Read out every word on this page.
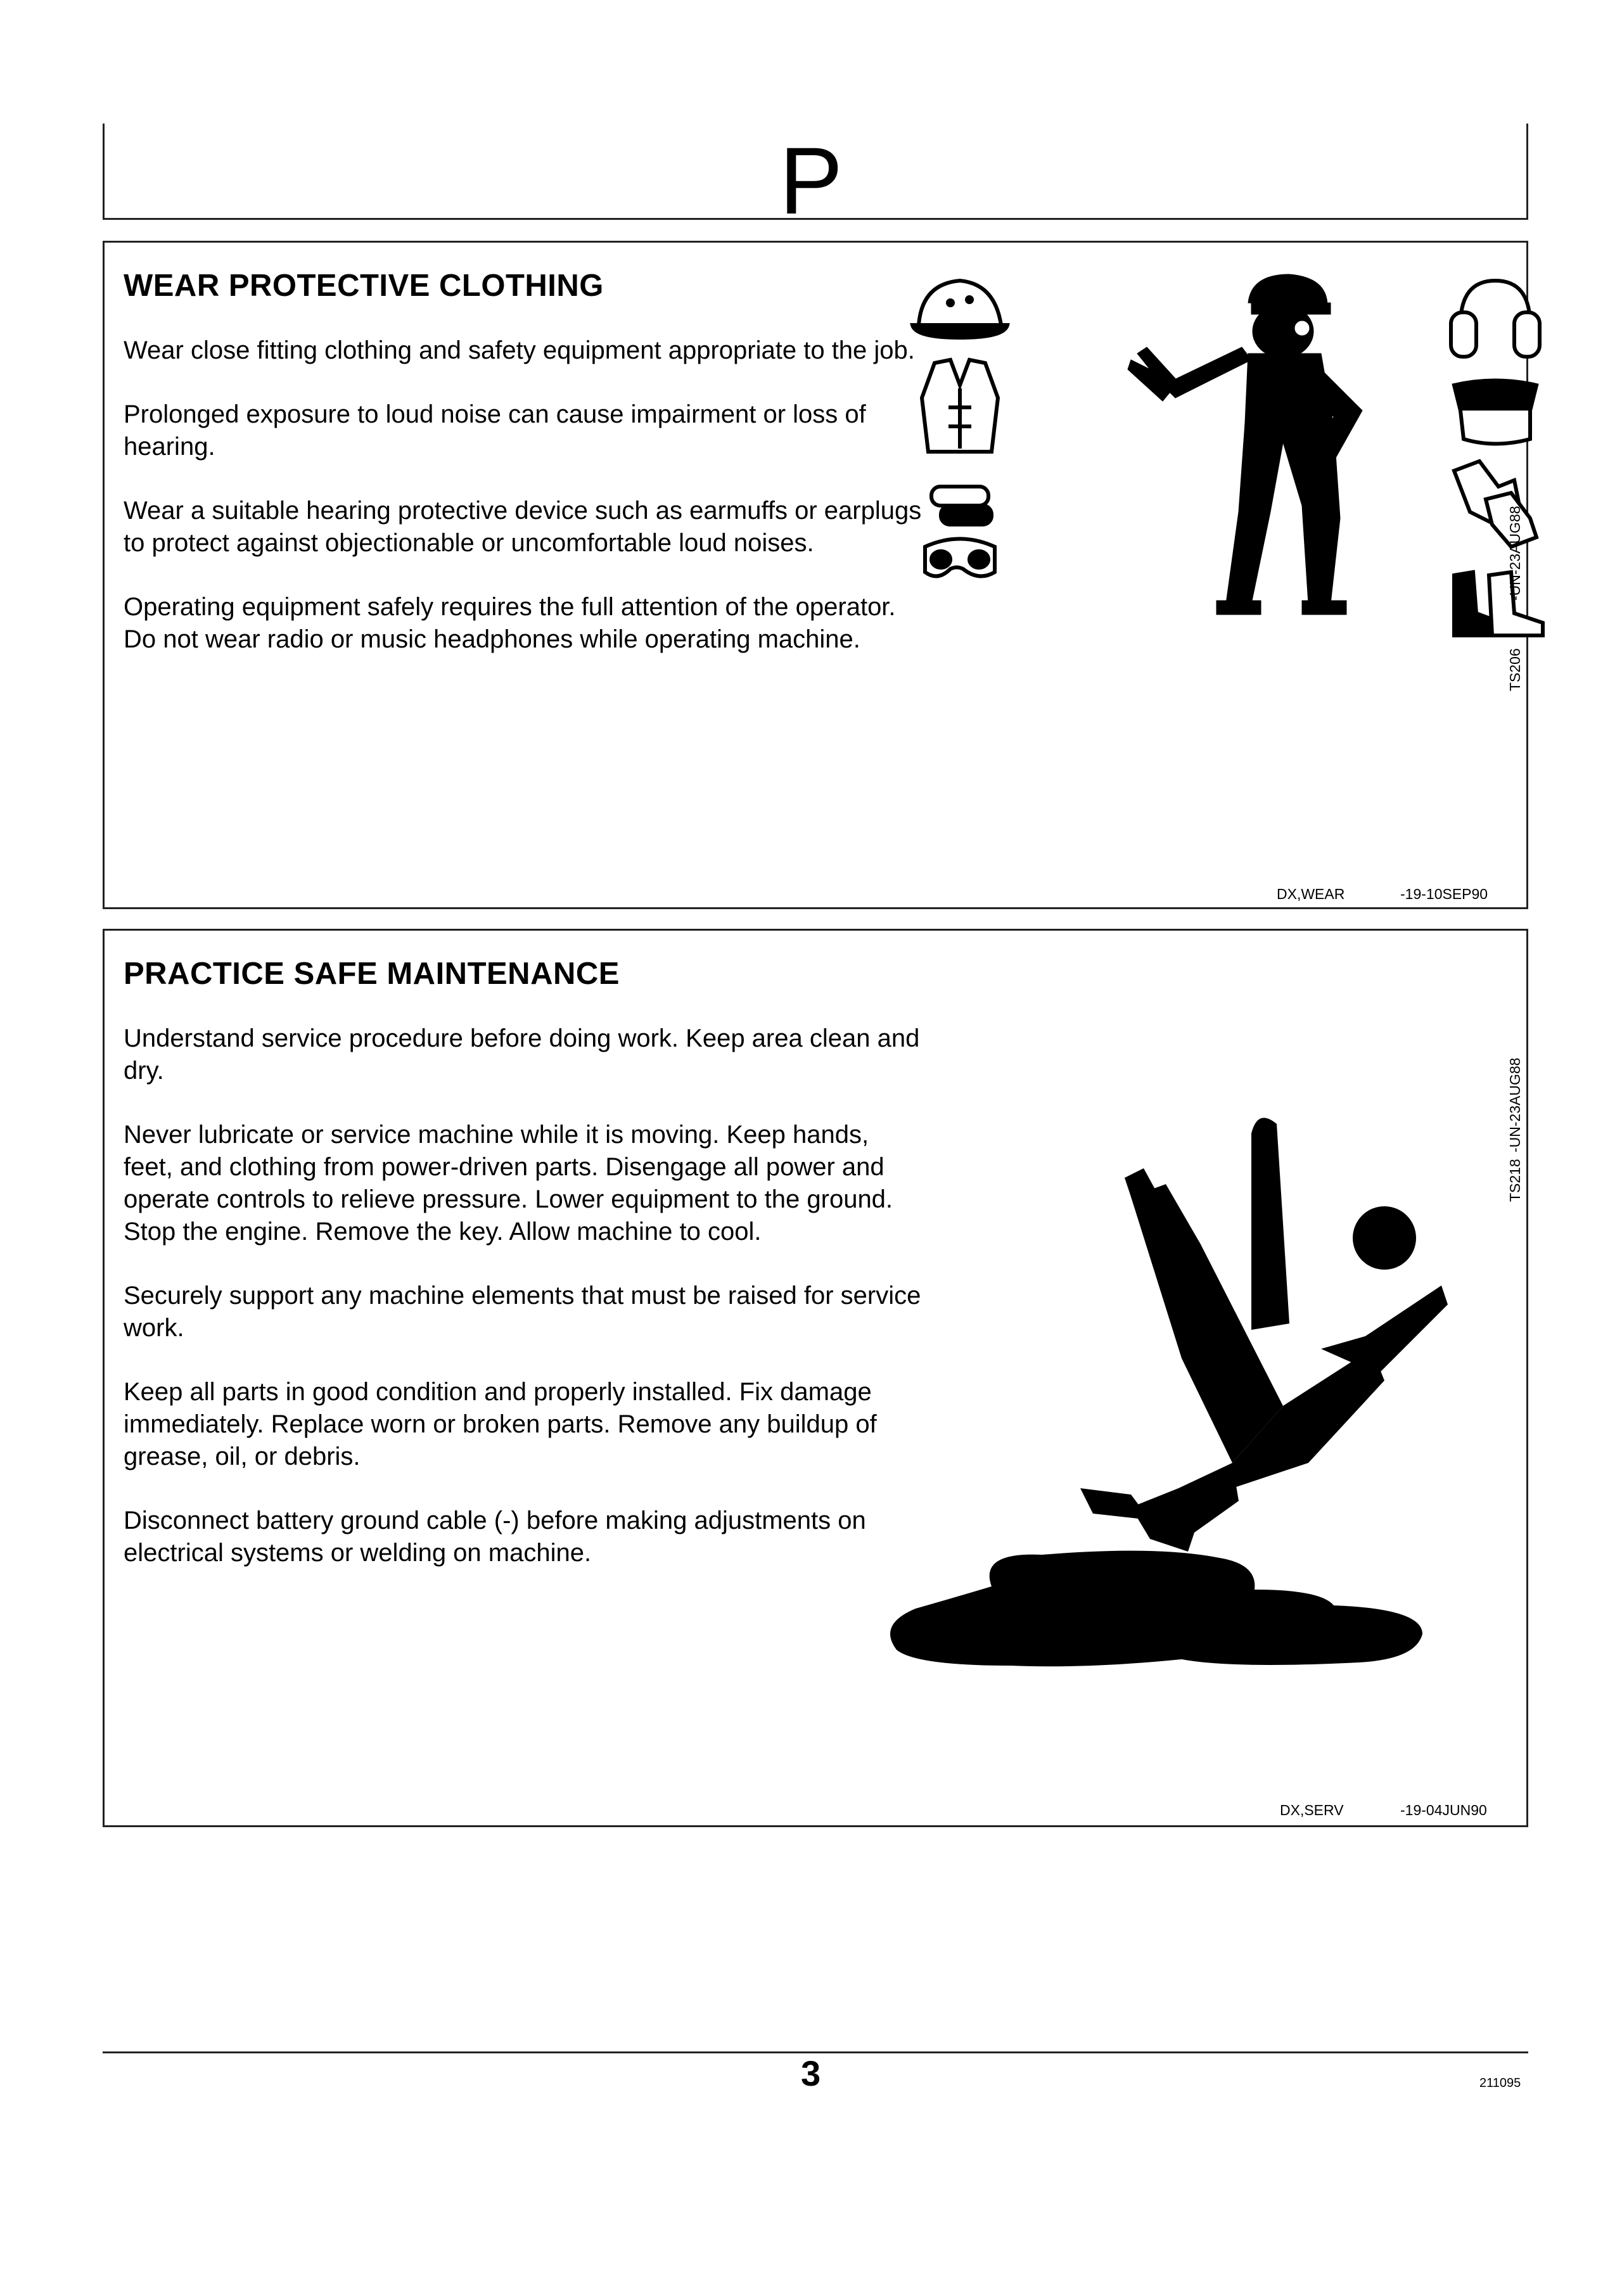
P
WEAR PROTECTIVE CLOTHING

Wear close fitting clothing and safety equipment appropriate to the job.

Prolonged exposure to loud noise can cause impairment or loss of hearing.

Wear a suitable hearing protective device such as earmuffs or earplugs to protect against objectionable or uncomfortable loud noises.

Operating equipment safely requires the full attention of the operator. Do not wear radio or music headphones while operating machine.

-UN-23AUG88
TS206
DX,WEAR	-19-10SEP90
PRACTICE SAFE MAINTENANCE

Understand service procedure before doing work. Keep area clean and dry.

Never lubricate or service machine while it is moving. Keep hands, feet, and clothing from power-driven parts. Disengage all power and operate controls to relieve pressure. Lower equipment to the ground. Stop the engine. Remove the key. Allow machine to cool.

Securely support any machine elements that must be raised for service work.

Keep all parts in good condition and properly installed. Fix damage immediately. Replace worn or broken parts. Remove any buildup of grease, oil, or debris.

Disconnect battery ground cable (-) before making adjustments on electrical systems or welding on machine.

-UN-23AUG88
TS218
DX,SERV	-19-04JUN90
3	211095
